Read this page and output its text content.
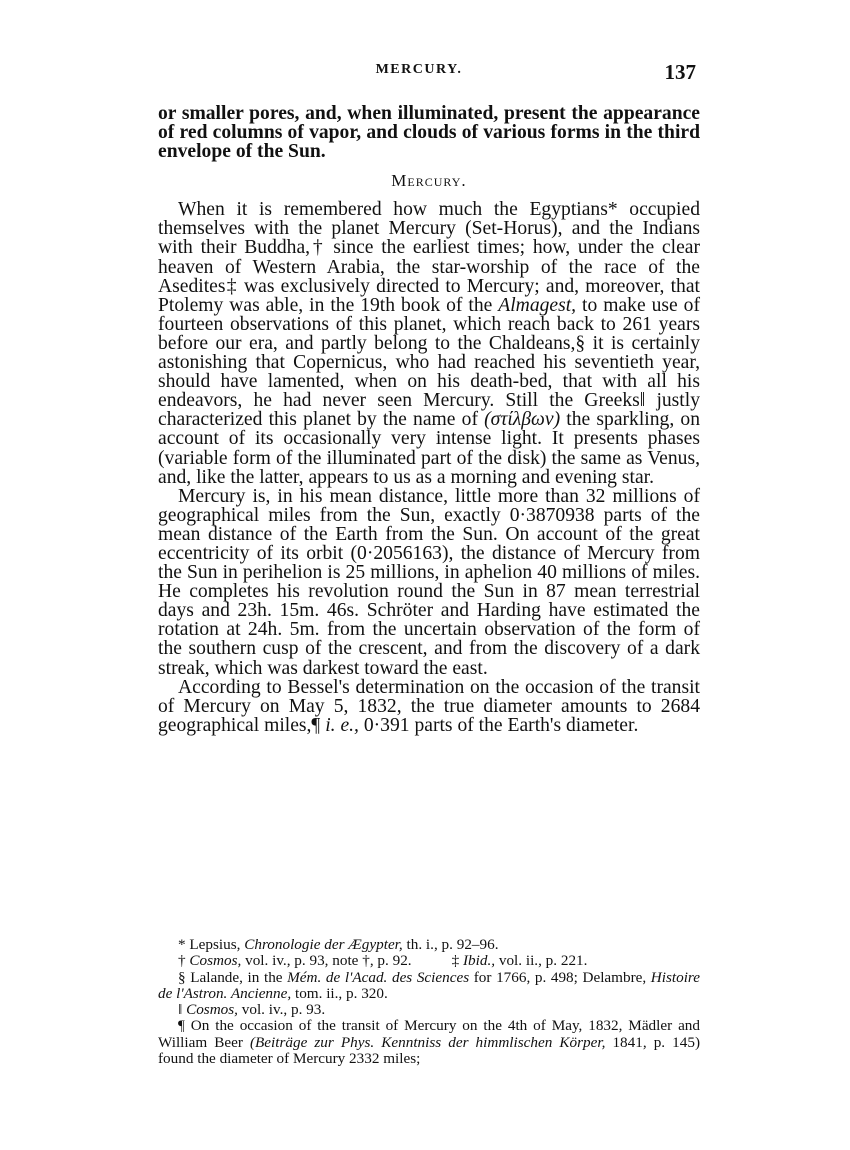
MERCURY.	137

or smaller pores, and, when illuminated, present the appearance of red columns of vapor, and clouds of various forms in the third envelope of the Sun.

Mercury.

When it is remembered how much the Egyptians* occupied themselves with the planet Mercury (Set-Horus), and the Indians with their Buddha,† since the earliest times; how, under the clear heaven of Western Arabia, the star-worship of the race of the Asedites‡ was exclusively directed to Mercury; and, moreover, that Ptolemy was able, in the 19th book of the Almagest, to make use of fourteen observations of this planet, which reach back to 261 years before our era, and partly belong to the Chaldeans,§ it is certainly astonishing that Copernicus, who had reached his seventieth year, should have lamented, when on his death-bed, that with all his endeavors, he had never seen Mercury. Still the Greeks‖ justly characterized this planet by the name of (στίλβων) the sparkling, on account of its occasionally very intense light. It presents phases (variable form of the illuminated part of the disk) the same as Venus, and, like the latter, appears to us as a morning and evening star.

Mercury is, in his mean distance, little more than 32 millions of geographical miles from the Sun, exactly 0·3870938 parts of the mean distance of the Earth from the Sun. On account of the great eccentricity of its orbit (0·2056163), the distance of Mercury from the Sun in perihelion is 25 millions, in aphelion 40 millions of miles. He completes his revolution round the Sun in 87 mean terrestrial days and 23h. 15m. 46s. Schröter and Harding have estimated the rotation at 24h. 5m. from the uncertain observation of the form of the southern cusp of the crescent, and from the discovery of a dark streak, which was darkest toward the east.

According to Bessel's determination on the occasion of the transit of Mercury on May 5, 1832, the true diameter amounts to 2684 geographical miles,¶ i. e., 0·391 parts of the Earth's diameter.

* Lepsius, Chronologie der Ægypter, th. i., p. 92–96.

† Cosmos, vol. iv., p. 93, note †, p. 92.	‡ Ibid., vol. ii., p. 221.

§ Lalande, in the Mém. de l'Acad. des Sciences for 1766, p. 498; Delambre, Histoire de l'Astron. Ancienne, tom. ii., p. 320.

‖ Cosmos, vol. iv., p. 93.

¶ On the occasion of the transit of Mercury on the 4th of May, 1832, Mädler and William Beer (Beiträge zur Phys. Kenntniss der himmlischen Körper, 1841, p. 145) found the diameter of Mercury 2332 miles;
